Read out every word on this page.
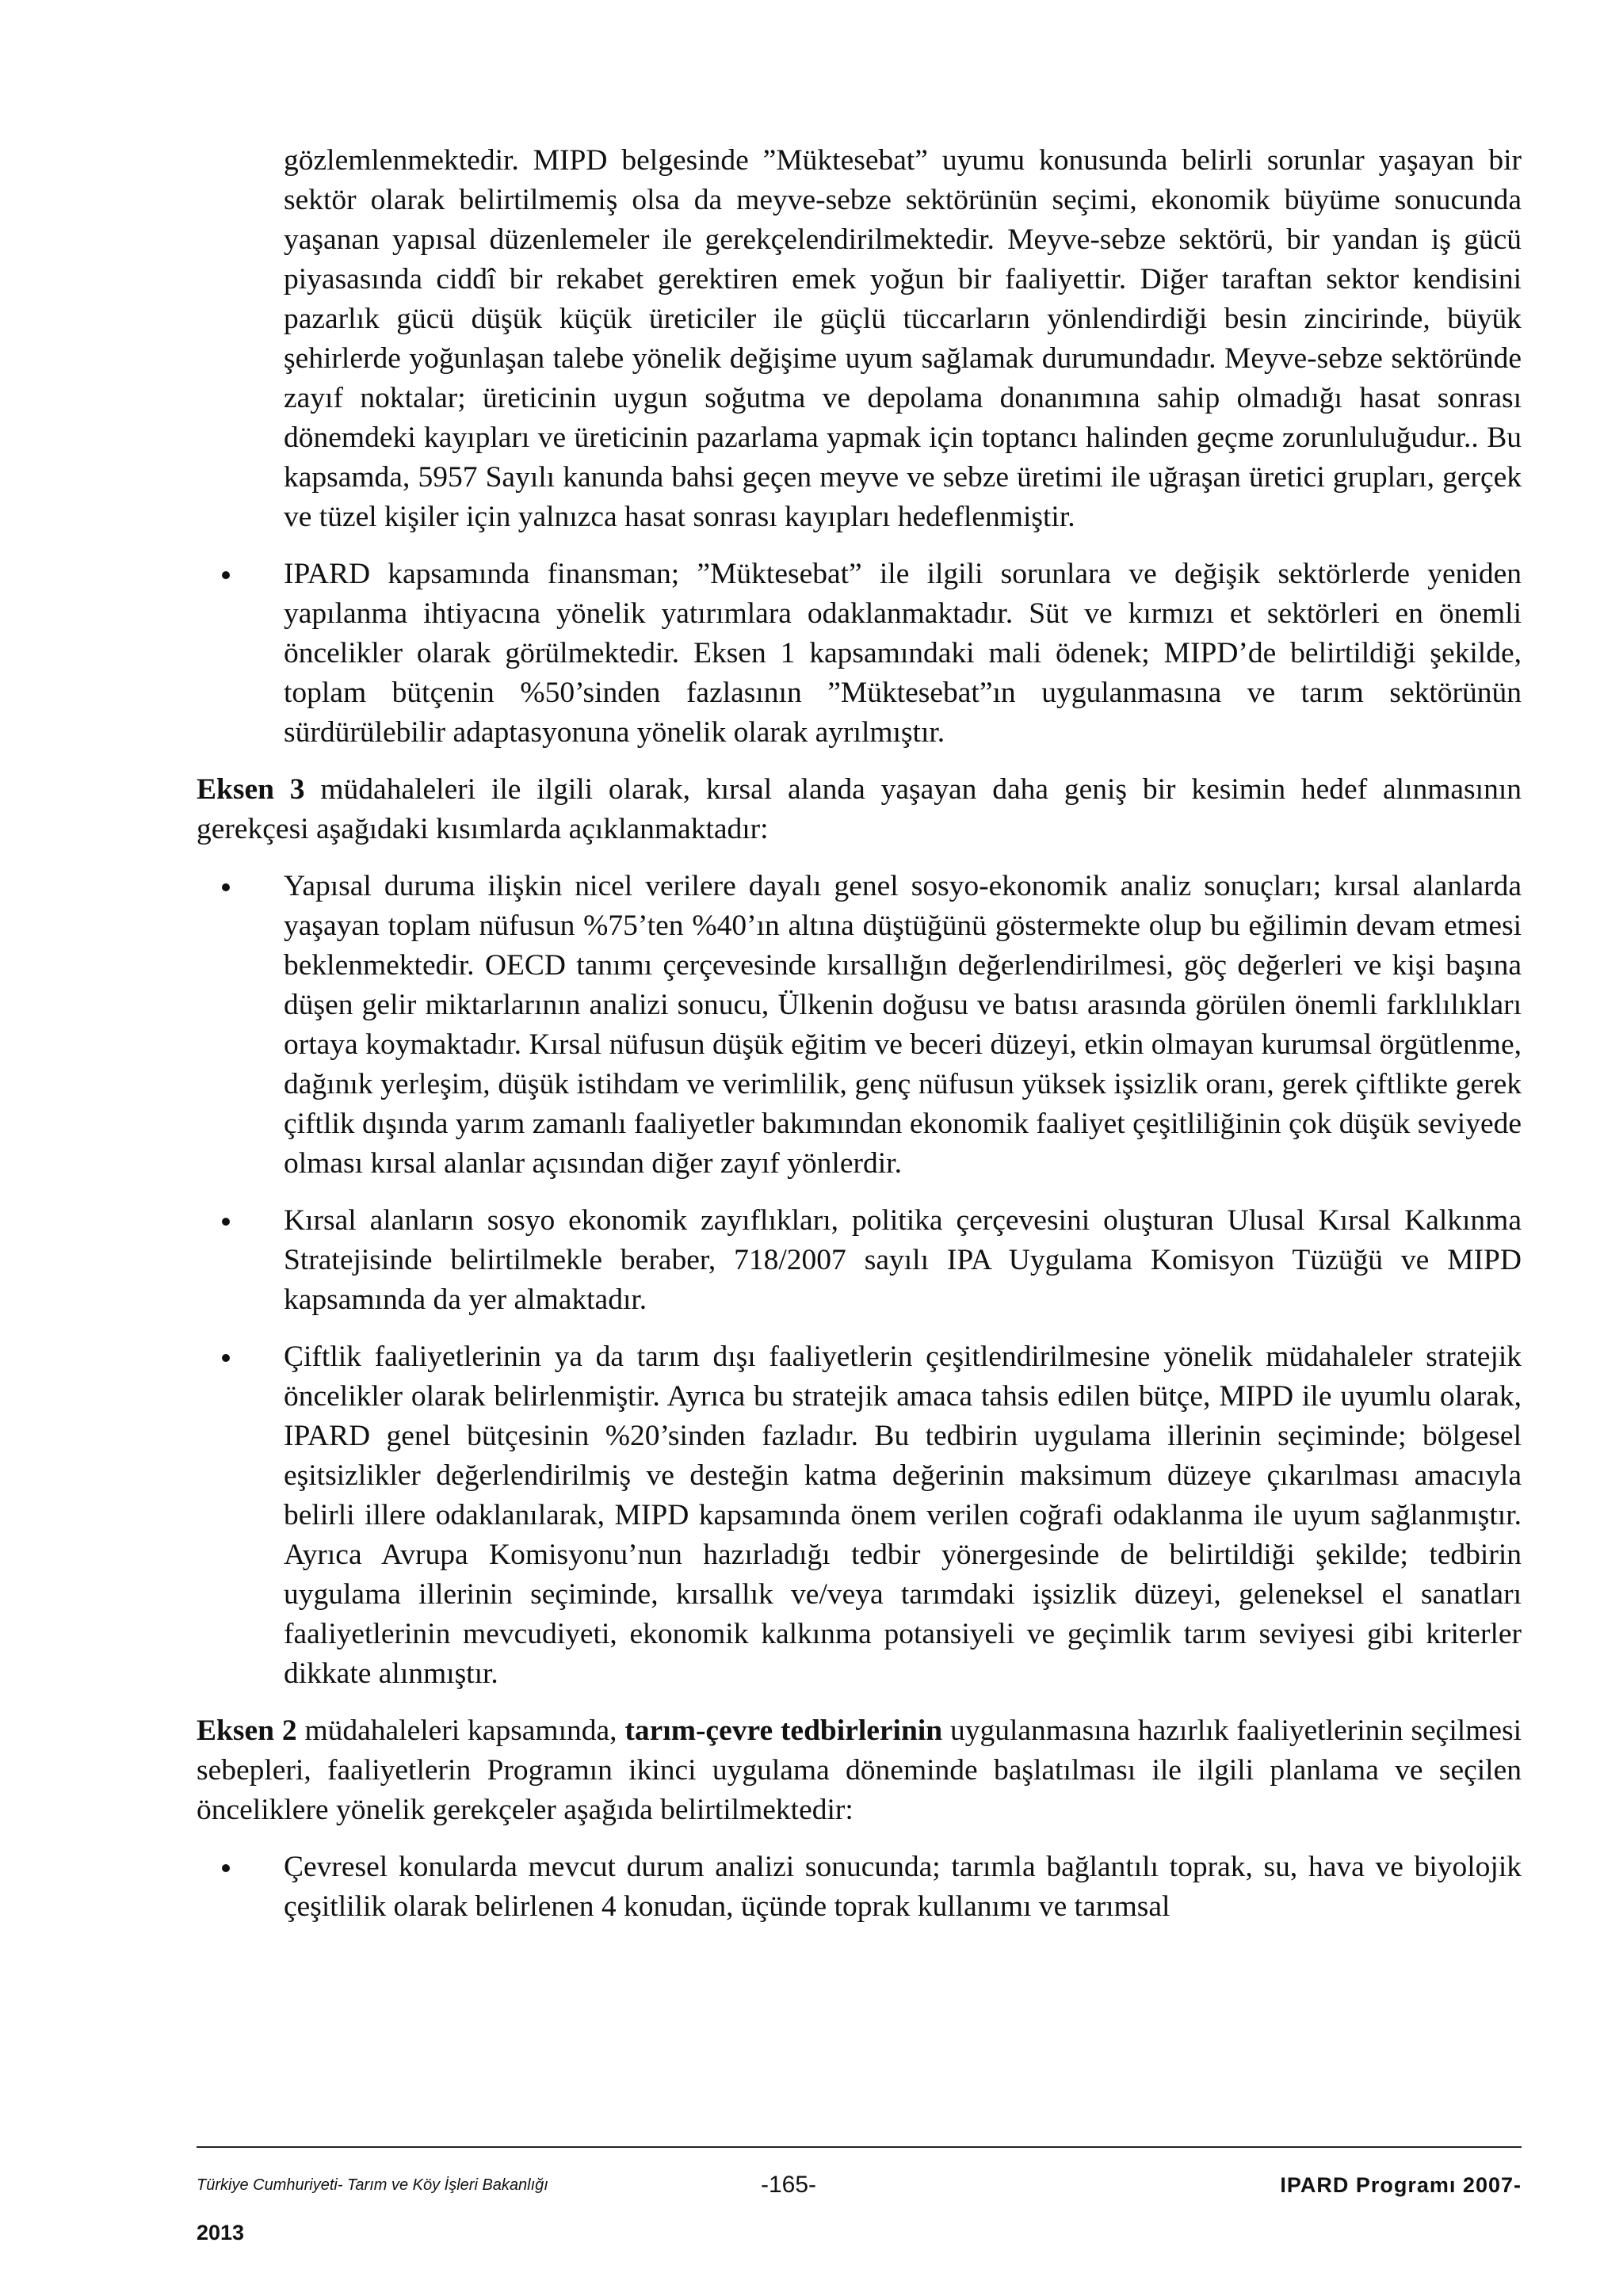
gözlemlenmektedir. MIPD belgesinde ”Müktesebat” uyumu konusunda belirli sorunlar yaşayan bir sektör olarak belirtilmemiş olsa da meyve-sebze sektörünün seçimi, ekonomik büyüme sonucunda yaşanan yapısal düzenlemeler ile gerekçelendirilmektedir. Meyve-sebze sektörü, bir yandan iş gücü piyasasında ciddî bir rekabet gerektiren emek yoğun bir faaliyettir. Diğer taraftan sektor kendisini pazarlık gücü düşük küçük üreticiler ile güçlü tüccarların yönlendirdiği besin zincirinde, büyük şehirlerde yoğunlaşan talebe yönelik değişime uyum sağlamak durumundadır. Meyve-sebze sektöründe zayıf noktalar; üreticinin uygun soğutma ve depolama donanımına sahip olmadığı hasat sonrası dönemdeki kayıpları ve üreticinin pazarlama yapmak için toptancı halinden geçme zorunluluğudur.. Bu kapsamda, 5957 Sayılı kanunda bahsi geçen meyve ve sebze üretimi ile uğraşan üretici grupları, gerçek ve tüzel kişiler için yalnızca hasat sonrası kayıpları hedeflenmiştir.

IPARD kapsamında finansman; ”Müktesebat” ile ilgili sorunlara ve değişik sektörlerde yeniden yapılanma ihtiyacına yönelik yatırımlara odaklanmaktadır. Süt ve kırmızı et sektörleri en önemli öncelikler olarak görülmektedir. Eksen 1 kapsamındaki mali ödenek; MIPD’de belirtildiği şekilde, toplam bütçenin %50’sinden fazlasının ”Müktesebat”ın uygulanmasına ve tarım sektörünün sürdürülebilir adaptasyonuna yönelik olarak ayrılmıştır.

Eksen 3 müdahaleleri ile ilgili olarak, kırsal alanda yaşayan daha geniş bir kesimin hedef alınmasının gerekçesi aşağıdaki kısımlarda açıklanmaktadır:

Yapısal duruma ilişkin nicel verilere dayalı genel sosyo-ekonomik analiz sonuçları; kırsal alanlarda yaşayan toplam nüfusun %75’ten %40’ın altına düştüğünü göstermekte olup bu eğilimin devam etmesi beklenmektedir. OECD tanımı çerçevesinde kırsallığın değerlendirilmesi, göç değerleri ve kişi başına düşen gelir miktarlarının analizi sonucu, Ülkenin doğusu ve batısı arasında görülen önemli farklılıkları ortaya koymaktadır. Kırsal nüfusun düşük eğitim ve beceri düzeyi, etkin olmayan kurumsal örgütlenme, dağınık yerleşim, düşük istihdam ve verimlilik, genç nüfusun yüksek işsizlik oranı, gerek çiftlikte gerek çiftlik dışında yarım zamanlı faaliyetler bakımından ekonomik faaliyet çeşitliliğinin çok düşük seviyede olması kırsal alanlar açısından diğer zayıf yönlerdir.

Kırsal alanların sosyo ekonomik zayıflıkları, politika çerçevesini oluşturan Ulusal Kırsal Kalkınma Stratejisinde belirtilmekle beraber, 718/2007 sayılı IPA Uygulama Komisyon Tüzüğü ve MIPD kapsamında da yer almaktadır.

Çiftlik faaliyetlerinin ya da tarım dışı faaliyetlerin çeşitlendirilmesine yönelik müdahaleler stratejik öncelikler olarak belirlenmiştir. Ayrıca bu stratejik amaca tahsis edilen bütçe, MIPD ile uyumlu olarak, IPARD genel bütçesinin %20’sinden fazladır. Bu tedbirin uygulama illerinin seçiminde; bölgesel eşitsizlikler değerlendirilmiş ve desteğin katma değerinin maksimum düzeye çıkarılması amacıyla belirli illere odaklanılarak, MIPD kapsamında önem verilen coğrafi odaklanma ile uyum sağlanmıştır. Ayrıca Avrupa Komisyonu’nun hazırladığı tedbir yönergesinde de belirtildiği şekilde; tedbirin uygulama illerinin seçiminde, kırsallık ve/veya tarımdaki işsizlik düzeyi, geleneksel el sanatları faaliyetlerinin mevcudiyeti, ekonomik kalkınma potansiyeli ve geçimlik tarım seviyesi gibi kriterler dikkate alınmıştır.

Eksen 2 müdahaleleri kapsamında, tarım-çevre tedbirlerinin uygulanmasına hazırlık faaliyetlerinin seçilmesi sebepleri, faaliyetlerin Programın ikinci uygulama döneminde başlatılması ile ilgili planlama ve seçilen önceliklere yönelik gerekçeler aşağıda belirtilmektedir:

Çevresel konularda mevcut durum analizi sonucunda; tarımla bağlantılı toprak, su, hava ve biyolojik çeşitlilik olarak belirlenen 4 konudan, üçünde toprak kullanımı ve tarımsal

Türkiye Cumhuriyeti- Tarım ve Köy İşleri Bakanlığı	-165-	IPARD Programı 2007-
2013
